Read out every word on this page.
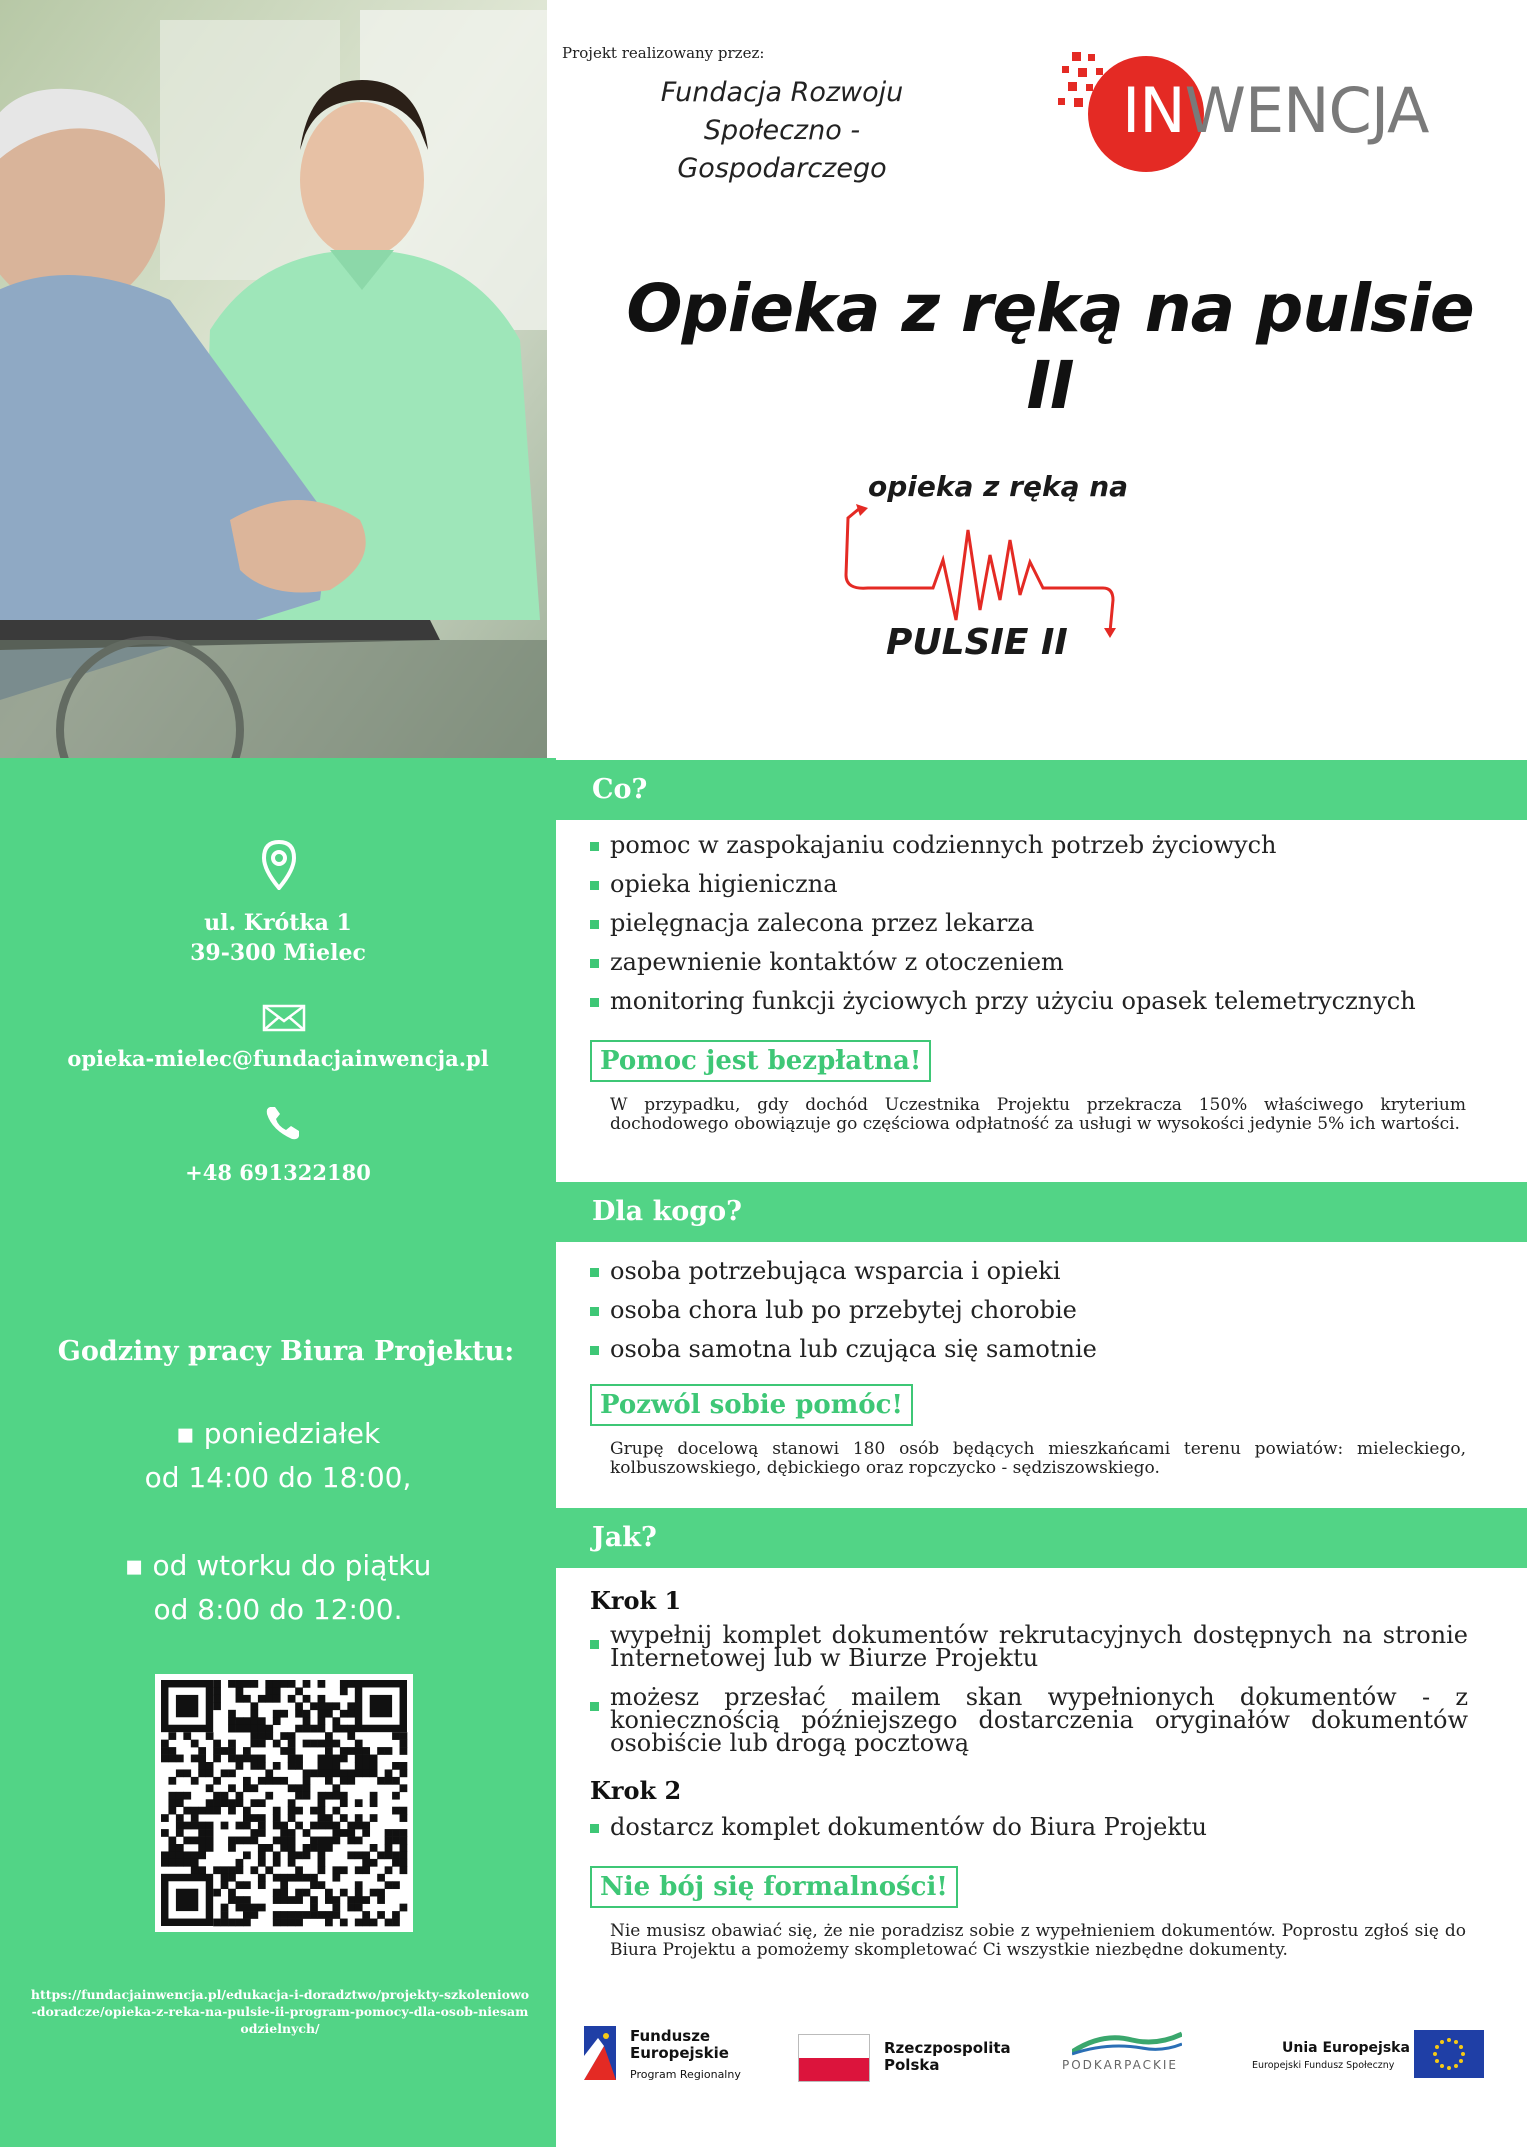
Projekt realizowany przez:
Fundacja Rozwoju
Społeczno - Gospodarczego
INWENCJA
Opieka z ręką na pulsie II
opieka z ręką na
PULSIE II
ul. Krótka 1
39-300 Mielec
opieka-mielec@fundacjainwencja.pl
+48 691322180
Godziny pracy Biura Projektu:
▪ poniedziałek
od 14:00 do 18:00,
▪ od wtorku do piątku
od 8:00 do 12:00.
https://fundacjainwencja.pl/edukacja-i-doradztwo/projekty-szkoleniowo-doradcze/opieka-z-reka-na-pulsie-ii-program-pomocy-dla-osob-niesamodzielnych/
Co?
pomoc w zaspokajaniu codziennych potrzeb życiowych
opieka higieniczna
pielęgnacja zalecona przez lekarza
zapewnienie kontaktów z otoczeniem
monitoring funkcji życiowych przy użyciu opasek telemetrycznych
Pomoc jest bezpłatna!
W przypadku, gdy dochód Uczestnika Projektu przekracza 150% właściwego kryterium dochodowego obowiązuje go częściowa odpłatność za usługi w wysokości jedynie 5% ich wartości.
Dla kogo?
osoba potrzebująca wsparcia i opieki
osoba chora lub po przebytej chorobie
osoba samotna lub czująca się samotnie
Pozwól sobie pomóc!
Grupę docelową stanowi 180 osób będących mieszkańcami terenu powiatów: mieleckiego, kolbuszowskiego, dębickiego oraz ropczycko - sędziszowskiego.
Jak?
Krok 1
wypełnij komplet dokumentów rekrutacyjnych dostępnych na stronie Internetowej lub w Biurze Projektu
możesz przesłać mailem skan wypełnionych dokumentów - z koniecznością późniejszego dostarczenia oryginałów dokumentów osobiście lub drogą pocztową
Krok 2
dostarcz komplet dokumentów do Biura Projektu
Nie bój się formalności!
Nie musisz obawiać się, że nie poradzisz sobie z wypełnieniem dokumentów. Poprostu zgłoś się do Biura Projektu a pomożemy skompletować Ci wszystkie niezbędne dokumenty.
Fundusze
Europejskie
Program Regionalny
Rzeczpospolita
Polska	PODKARPACKIE
Unia Europejska
Europejski Fundusz Społeczny
